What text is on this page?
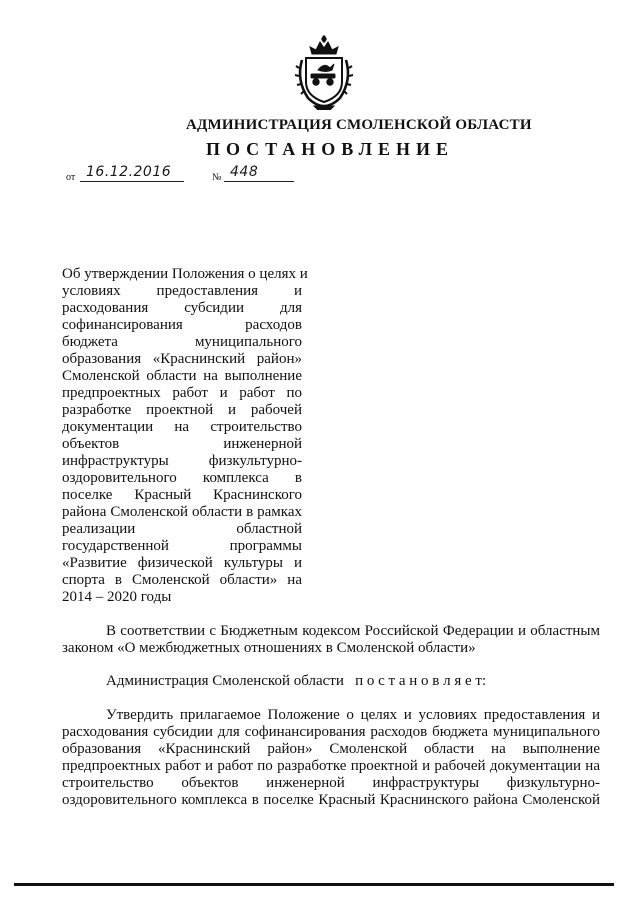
АДМИНИСТРАЦИЯ СМОЛЕНСКОЙ ОБЛАСТИ
ПОСТАНОВЛЕНИЕ
от 16.12.2016	№ 448

Об утверждении Положения о целях и
условиях предоставления и
расходования субсидии для
софинансирования расходов
бюджета муниципального
образования «Краснинский район»
Смоленской области на выполнение
предпроектных работ и работ по
разработке проектной и рабочей
документации на строительство
объектов инженерной
инфраструктуры физкультурно-
оздоровительного комплекса в
поселке Красный Краснинского
района Смоленской области в рамках
реализации областной
государственной программы
«Развитие физической культуры и
спорта в Смоленской области» на
2014 – 2020 годы

В соответствии с Бюджетным кодексом Российской Федерации и областным
законом «О межбюджетных отношениях в Смоленской области»

Администрация Смоленской области п о с т а н о в л я е т:

Утвердить прилагаемое Положение о целях и условиях предоставления и
расходования субсидии для софинансирования расходов бюджета муниципального
образования «Краснинский район» Смоленской области на выполнение
предпроектных работ и работ по разработке проектной и рабочей документации на
строительство объектов инженерной инфраструктуры физкультурно-
оздоровительного комплекса в поселке Красный Краснинского района Смоленской
